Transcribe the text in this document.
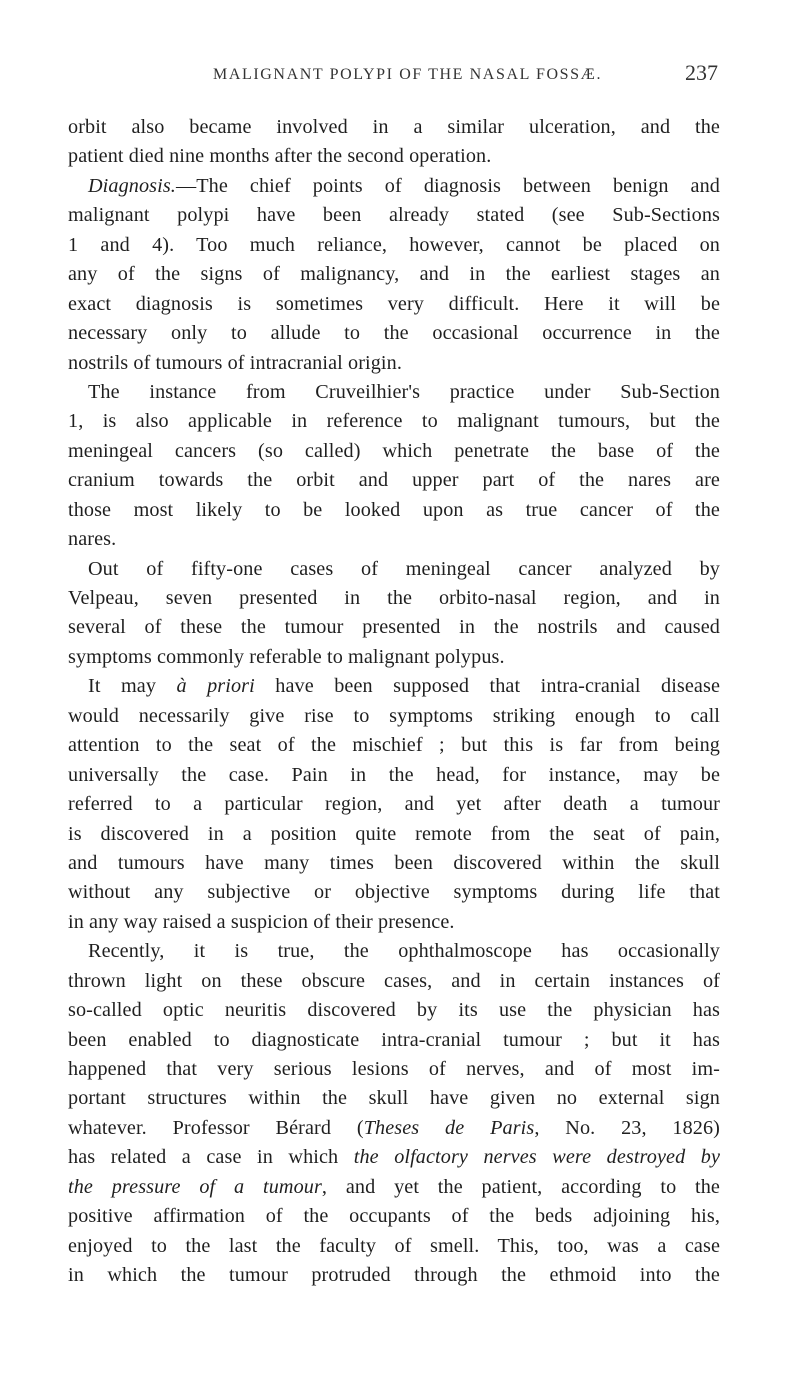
MALIGNANT POLYPI OF THE NASAL FOSSÆ.	237
orbit also became involved in a similar ulceration, and the
patient died nine months after the second operation.
Diagnosis.—The chief points of diagnosis between benign and
malignant polypi have been already stated (see Sub-Sections
1 and 4). Too much reliance, however, cannot be placed on
any of the signs of malignancy, and in the earliest stages an
exact diagnosis is sometimes very difficult. Here it will be
necessary only to allude to the occasional occurrence in the
nostrils of tumours of intracranial origin.
The instance from Cruveilhier's practice under Sub-Section
1, is also applicable in reference to malignant tumours, but the
meningeal cancers (so called) which penetrate the base of the
cranium towards the orbit and upper part of the nares are
those most likely to be looked upon as true cancer of the
nares.
Out of fifty-one cases of meningeal cancer analyzed by
Velpeau, seven presented in the orbito-nasal region, and in
several of these the tumour presented in the nostrils and caused
symptoms commonly referable to malignant polypus.
It may à priori have been supposed that intra-cranial disease
would necessarily give rise to symptoms striking enough to call
attention to the seat of the mischief ; but this is far from being
universally the case. Pain in the head, for instance, may be
referred to a particular region, and yet after death a tumour
is discovered in a position quite remote from the seat of pain,
and tumours have many times been discovered within the skull
without any subjective or objective symptoms during life that
in any way raised a suspicion of their presence.
Recently, it is true, the ophthalmoscope has occasionally
thrown light on these obscure cases, and in certain instances of
so-called optic neuritis discovered by its use the physician has
been enabled to diagnosticate intra-cranial tumour ; but it has
happened that very serious lesions of nerves, and of most im-
portant structures within the skull have given no external sign
whatever. Professor Bérard (Theses de Paris, No. 23, 1826)
has related a case in which the olfactory nerves were destroyed by
the pressure of a tumour, and yet the patient, according to the
positive affirmation of the occupants of the beds adjoining his,
enjoyed to the last the faculty of smell. This, too, was a case
in which the tumour protruded through the ethmoid into the
